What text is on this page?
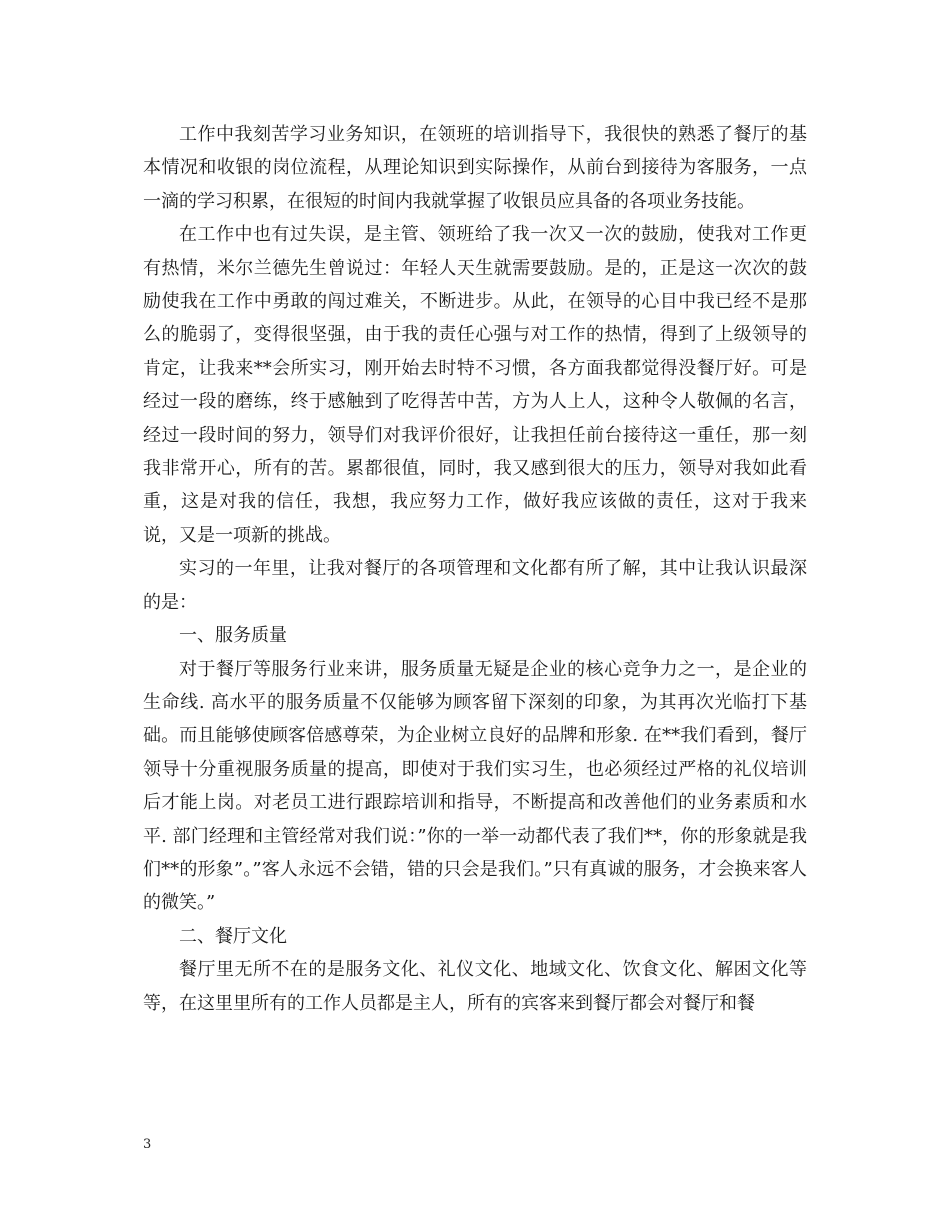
工作中我刻苦学习业务知识，在领班的培训指导下，我很快的熟悉了餐厅的基本情况和收银的岗位流程，从理论知识到实际操作，从前台到接待为客服务，一点一滴的学习积累，在很短的时间内我就掌握了收银员应具备的各项业务技能。

在工作中也有过失误，是主管、领班给了我一次又一次的鼓励，使我对工作更有热情，米尔兰德先生曾说过：年轻人天生就需要鼓励。是的，正是这一次次的鼓励使我在工作中勇敢的闯过难关，不断进步。从此，在领导的心目中我已经不是那么的脆弱了，变得很坚强，由于我的责任心强与对工作的热情，得到了上级领导的肯定，让我来**会所实习，刚开始去时特不习惯，各方面我都觉得没餐厅好。可是经过一段的磨练，终于感触到了吃得苦中苦，方为人上人，这种令人敬佩的名言，经过一段时间的努力，领导们对我评价很好，让我担任前台接待这一重任，那一刻我非常开心，所有的苦。累都很值，同时，我又感到很大的压力，领导对我如此看重，这是对我的信任，我想，我应努力工作，做好我应该做的责任，这对于我来说，又是一项新的挑战。

实习的一年里，让我对餐厅的各项管理和文化都有所了解，其中让我认识最深的是：

一、服务质量

对于餐厅等服务行业来讲，服务质量无疑是企业的核心竞争力之一，是企业的生命线. 高水平的服务质量不仅能够为顾客留下深刻的印象，为其再次光临打下基础。而且能够使顾客倍感尊荣，为企业树立良好的品牌和形象. 在**我们看到，餐厅领导十分重视服务质量的提高，即使对于我们实习生，也必须经过严格的礼仪培训后才能上岗。对老员工进行跟踪培训和指导，不断提高和改善他们的业务素质和水平. 部门经理和主管经常对我们说：”你的一举一动都代表了我们**，你的形象就是我们**的形象”。”客人永远不会错，错的只会是我们。”只有真诚的服务，才会换来客人的微笑。”

二、餐厅文化

餐厅里无所不在的是服务文化、礼仪文化、地域文化、饮食文化、解困文化等等，在这里里所有的工作人员都是主人，所有的宾客来到餐厅都会对餐厅和餐

3
